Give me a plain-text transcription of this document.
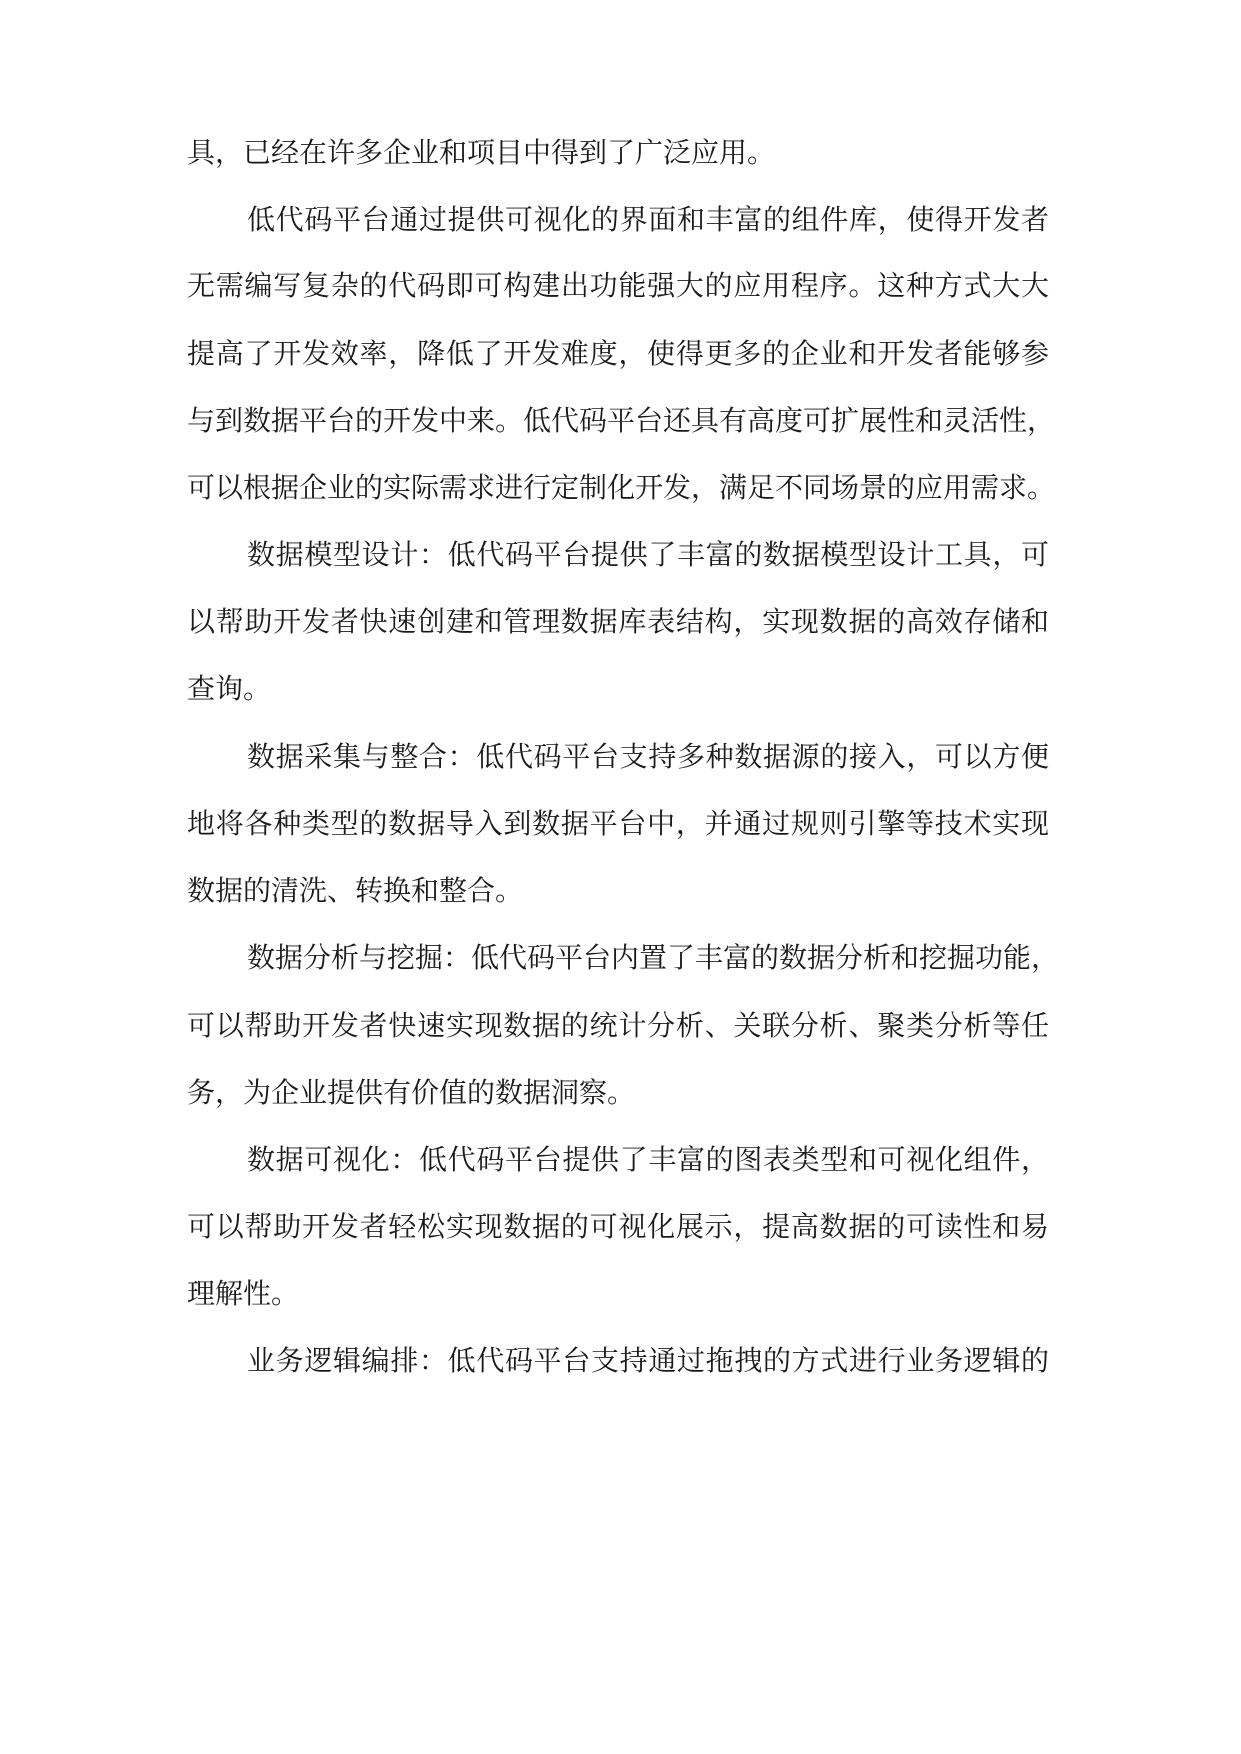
具，已经在许多企业和项目中得到了广泛应用。

低代码平台通过提供可视化的界面和丰富的组件库，使得开发者

无需编写复杂的代码即可构建出功能强大的应用程序。这种方式大大

提高了开发效率，降低了开发难度，使得更多的企业和开发者能够参

与到数据平台的开发中来。低代码平台还具有高度可扩展性和灵活性，

可以根据企业的实际需求进行定制化开发，满足不同场景的应用需求。

数据模型设计：低代码平台提供了丰富的数据模型设计工具，可

以帮助开发者快速创建和管理数据库表结构，实现数据的高效存储和

查询。

数据采集与整合：低代码平台支持多种数据源的接入，可以方便

地将各种类型的数据导入到数据平台中，并通过规则引擎等技术实现

数据的清洗、转换和整合。

数据分析与挖掘：低代码平台内置了丰富的数据分析和挖掘功能，

可以帮助开发者快速实现数据的统计分析、关联分析、聚类分析等任

务，为企业提供有价值的数据洞察。

数据可视化：低代码平台提供了丰富的图表类型和可视化组件，

可以帮助开发者轻松实现数据的可视化展示，提高数据的可读性和易

理解性。

业务逻辑编排：低代码平台支持通过拖拽的方式进行业务逻辑的
